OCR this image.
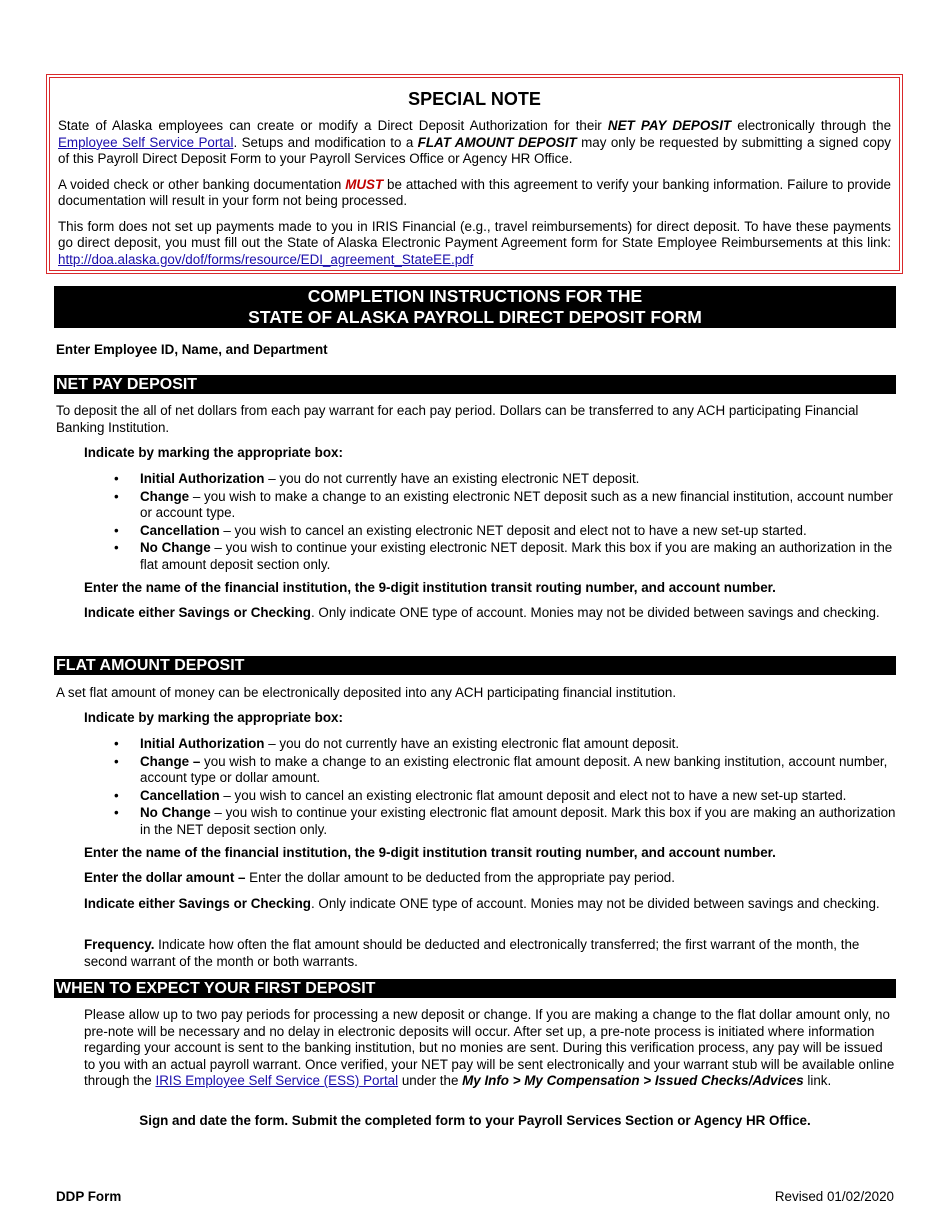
SPECIAL NOTE

State of Alaska employees can create or modify a Direct Deposit Authorization for their NET PAY DEPOSIT electronically through the Employee Self Service Portal. Setups and modification to a FLAT AMOUNT DEPOSIT may only be requested by submitting a signed copy of this Payroll Direct Deposit Form to your Payroll Services Office or Agency HR Office.

A voided check or other banking documentation MUST be attached with this agreement to verify your banking information. Failure to provide documentation will result in your form not being processed.

This form does not set up payments made to you in IRIS Financial (e.g., travel reimbursements) for direct deposit. To have these payments go direct deposit, you must fill out the State of Alaska Electronic Payment Agreement form for State Employee Reimbursements at this link: http://doa.alaska.gov/dof/forms/resource/EDI_agreement_StateEE.pdf

COMPLETION INSTRUCTIONS FOR THE
STATE OF ALASKA PAYROLL DIRECT DEPOSIT FORM
Enter Employee ID, Name, and Department
NET PAY DEPOSIT
To deposit the all of net dollars from each pay warrant for each pay period. Dollars can be transferred to any ACH participating Financial Banking Institution.
Indicate by marking the appropriate box:
• Initial Authorization – you do not currently have an existing electronic NET deposit.
• Change – you wish to make a change to an existing electronic NET deposit such as a new financial institution, account number or account type.
• Cancellation – you wish to cancel an existing electronic NET deposit and elect not to have a new set-up started.
• No Change – you wish to continue your existing electronic NET deposit. Mark this box if you are making an authorization in the flat amount deposit section only.
Enter the name of the financial institution, the 9-digit institution transit routing number, and account number.
Indicate either Savings or Checking. Only indicate ONE type of account. Monies may not be divided between savings and checking.
FLAT AMOUNT DEPOSIT
A set flat amount of money can be electronically deposited into any ACH participating financial institution.
Indicate by marking the appropriate box:
• Initial Authorization – you do not currently have an existing electronic flat amount deposit.
• Change – you wish to make a change to an existing electronic flat amount deposit. A new banking institution, account number, account type or dollar amount.
• Cancellation – you wish to cancel an existing electronic flat amount deposit and elect not to have a new set-up started.
• No Change – you wish to continue your existing electronic flat amount deposit. Mark this box if you are making an authorization in the NET deposit section only.
Enter the name of the financial institution, the 9-digit institution transit routing number, and account number.
Enter the dollar amount – Enter the dollar amount to be deducted from the appropriate pay period.
Indicate either Savings or Checking. Only indicate ONE type of account. Monies may not be divided between savings and checking.
Frequency. Indicate how often the flat amount should be deducted and electronically transferred; the first warrant of the month, the second warrant of the month or both warrants.
WHEN TO EXPECT YOUR FIRST DEPOSIT
Please allow up to two pay periods for processing a new deposit or change. If you are making a change to the flat dollar amount only, no pre-note will be necessary and no delay in electronic deposits will occur. After set up, a pre-note process is initiated where information regarding your account is sent to the banking institution, but no monies are sent. During this verification process, any pay will be issued to you with an actual payroll warrant. Once verified, your NET pay will be sent electronically and your warrant stub will be available online through the IRIS Employee Self Service (ESS) Portal under the My Info > My Compensation > Issued Checks/Advices link.
Sign and date the form. Submit the completed form to your Payroll Services Section or Agency HR Office.
DDP Form	Revised 01/02/2020
